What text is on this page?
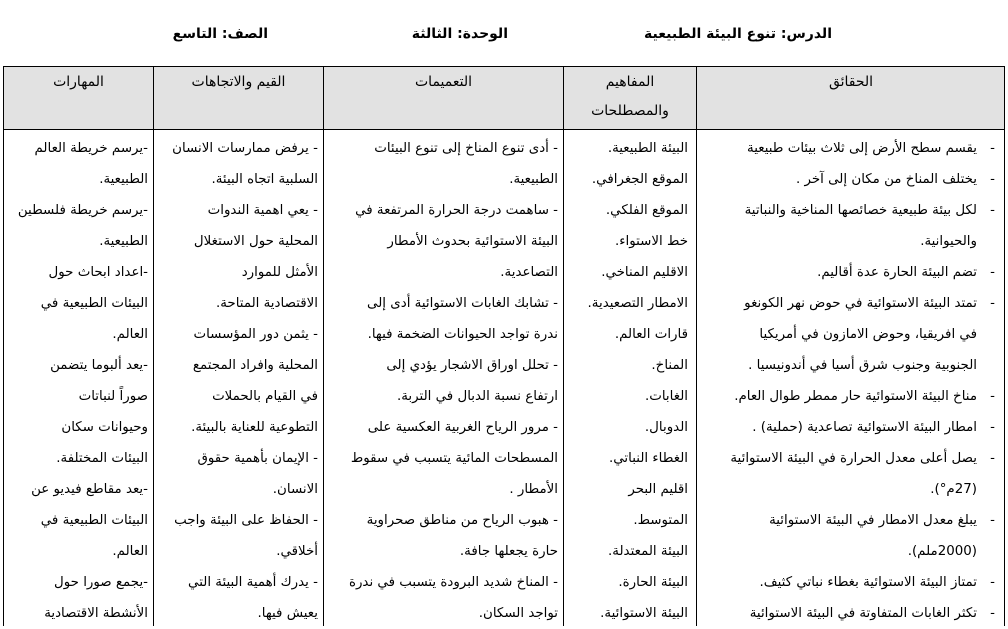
الدرس: تنوع البيئة الطبيعية
الوحدة: الثالثة
الصف: التاسع
الحقائق
المفاهيم
والمصطلحات
التعميمات
القيم والاتجاهات
المهارات
-يقسم سطح الأرض إلى ثلاث بيئات طبيعية
-يختلف المناخ من مكان إلى آخر .
-لكل بيئة طبيعية خصائصها المناخية والنباتية
والحيوانية.
-تضم البيئة الحارة عدة أقاليم.
-تمتد البيئة الاستوائية في حوض نهر الكونغو
في افريقيا، وحوض الامازون في أمريكيا
الجنوبية وجنوب شرق أسيا في أندونيسيا .
-مناخ البيئة الاستوائية حار ممطر طوال العام.
-امطار البيئة الاستوائية تصاعدية (حملية) .
-يصل أعلى معدل الحرارة في البيئة الاستوائية
(27م°).
-يبلغ معدل الامطار في البيئة الاستوائية
(2000ملم).
-تمتاز البيئة الاستوائية بغطاء نباتي كثيف.
-تكثر الغابات المتفاوتة في البيئة الاستوائية
البيئة الطبيعية.
الموقع الجغرافي.
الموقع الفلكي.
خط الاستواء.
الاقليم المناخي.
الامطار التصعيدية.
قارات العالم.
المناخ.
الغابات.
الدوبال.
الغطاء النباتي.
اقليم البحر
المتوسط.
البيئة المعتدلة.
البيئة الحارة.
البيئة الاستوائية.
- أدى تنوع المناخ إلى تنوع البيئات
الطبيعية.
- ساهمت درجة الحرارة المرتفعة في
البيئة الاستوائية بحدوث الأمطار
التصاعدية.
- تشابك الغابات الاستوائية أدى إلى
ندرة تواجد الحيوانات الضخمة فيها.
- تحلل اوراق الاشجار يؤدي إلى
ارتفاع نسبة الدبال في التربة.
- مرور الرياح الغربية العكسية على
المسطحات المائية يتسبب في سقوط
الأمطار .
- هبوب الرياح من مناطق صحراوية
حارة يجعلها جافة.
- المناخ شديد البرودة يتسبب في ندرة
تواجد السكان.
- يرفض ممارسات الانسان
السلبية اتجاه البيئة.
- يعي اهمية الندوات
المحلية حول الاستغلال
الأمثل للموارد
الاقتصادية المتاحة.
- يثمن دور المؤسسات
المحلية وافراد المجتمع
في القيام بالحملات
التطوعية للعناية بالبيئة.
- الإيمان بأهمية حقوق
الانسان.
- الحفاظ على البيئة واجب
أخلاقي.
- يدرك أهمية البيئة التي
يعيش فيها.
-يرسم خريطة العالم
الطبيعية.
-يرسم خريطة فلسطين
الطبيعية.
-اعداد ابحاث حول
البيئات الطبيعية في
العالم.
-يعد ألبوما يتضمن
صوراً لنباتات
وحيوانات سكان
البيئات المختلفة.
-يعد مقاطع فيديو عن
البيئات الطبيعية في
العالم.
-يجمع صورا حول
الأنشطة الاقتصادية
